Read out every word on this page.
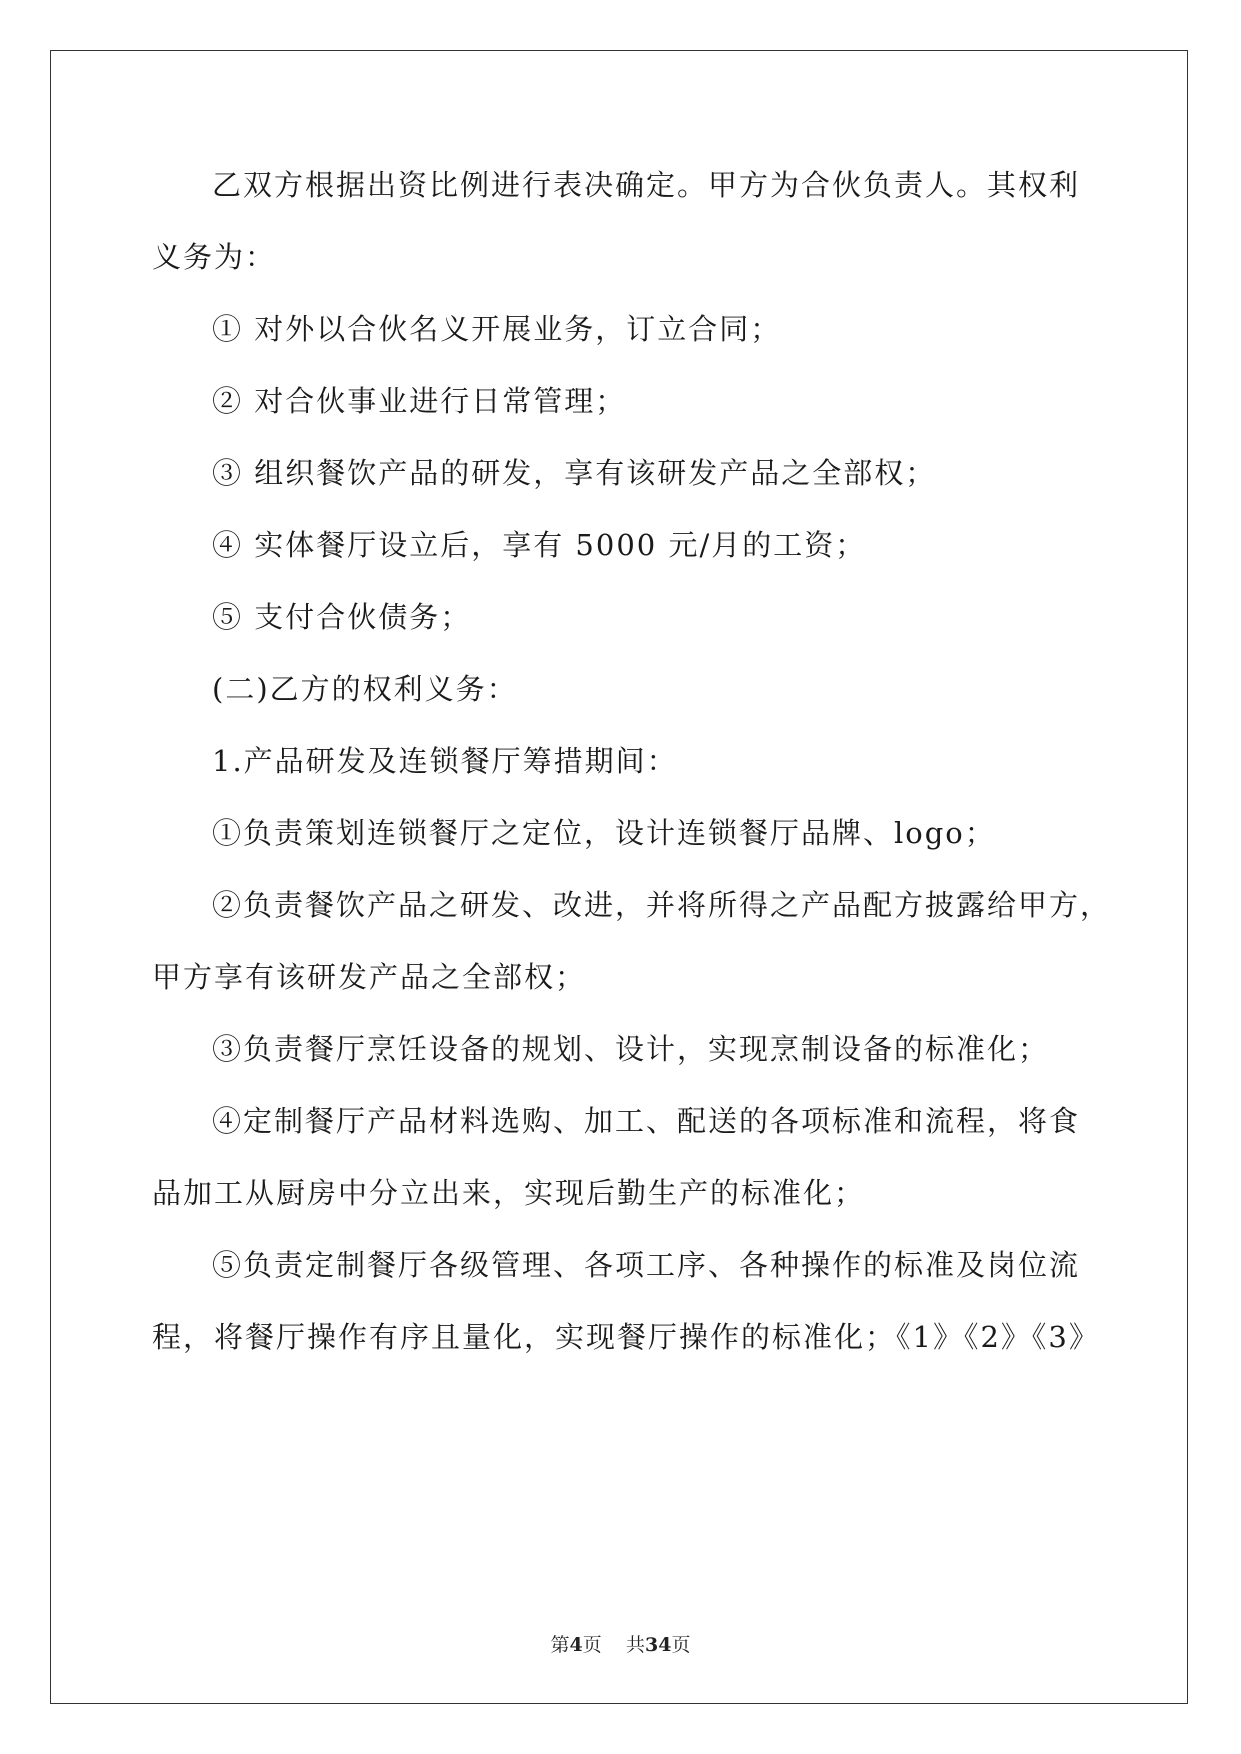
乙双方根据出资比例进行表决确定。甲方为合伙负责人。其权利
义务为：
① 对外以合伙名义开展业务，订立合同；
② 对合伙事业进行日常管理；
③ 组织餐饮产品的研发，享有该研发产品之全部权；
④ 实体餐厅设立后，享有 5000 元/月的工资；
⑤ 支付合伙债务；
(二)乙方的权利义务：
1.产品研发及连锁餐厅筹措期间：
①负责策划连锁餐厅之定位，设计连锁餐厅品牌、logo；
②负责餐饮产品之研发、改进，并将所得之产品配方披露给甲方，
甲方享有该研发产品之全部权；
③负责餐厅烹饪设备的规划、设计，实现烹制设备的标准化；
④定制餐厅产品材料选购、加工、配送的各项标准和流程，将食
品加工从厨房中分立出来，实现后勤生产的标准化；
⑤负责定制餐厅各级管理、各项工序、各种操作的标准及岗位流
程，将餐厅操作有序且量化，实现餐厅操作的标准化；《1》《2》《3》
第4页 共34页
